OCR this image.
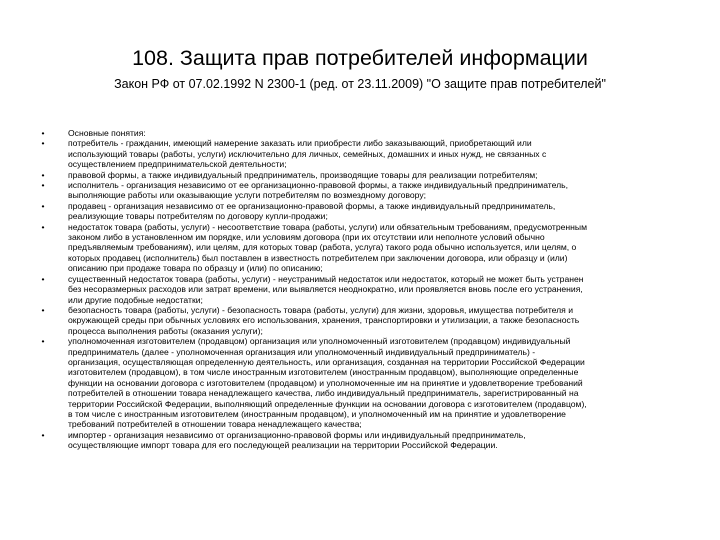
108. Защита прав потребителей информации
Закон РФ от 07.02.1992 N 2300-1 (ред. от 23.11.2009) "О защите прав потребителей"
•	Основные понятия:
•	потребитель - гражданин, имеющий намерение заказать или приобрести либо заказывающий, приобретающий или
использующий товары (работы, услуги) исключительно для личных, семейных, домашних и иных нужд, не связанных с
осуществлением предпринимательской деятельности;
•	правовой формы, а также индивидуальный предприниматель, производящие товары для реализации потребителям;
•	исполнитель - организация независимо от ее организационно-правовой формы, а также индивидуальный предприниматель,
выполняющие работы или оказывающие услуги потребителям по возмездному договору;
•	продавец - организация независимо от ее организационно-правовой формы, а также индивидуальный предприниматель,
реализующие товары потребителям по договору купли-продажи;
•	недостаток товара (работы, услуги) - несоответствие товара (работы, услуги) или обязательным требованиям, предусмотренным
законом либо в установленном им порядке, или условиям договора (при их отсутствии или неполноте условий обычно
предъявляемым требованиям), или целям, для которых товар (работа, услуга) такого рода обычно используется, или целям, о
которых продавец (исполнитель) был поставлен в известность потребителем при заключении договора, или образцу и (или)
описанию при продаже товара по образцу и (или) по описанию;
•	существенный недостаток товара (работы, услуги) - неустранимый недостаток или недостаток, который не может быть устранен
без несоразмерных расходов или затрат времени, или выявляется неоднократно, или проявляется вновь после его устранения,
или другие подобные недостатки;
•	безопасность товара (работы, услуги) - безопасность товара (работы, услуги) для жизни, здоровья, имущества потребителя и
окружающей среды при обычных условиях его использования, хранения, транспортировки и утилизации, а также безопасность
процесса выполнения работы (оказания услуги);
•	уполномоченная изготовителем (продавцом) организация или уполномоченный изготовителем (продавцом) индивидуальный
предприниматель (далее - уполномоченная организация или уполномоченный индивидуальный предприниматель) -
организация, осуществляющая определенную деятельность, или организация, созданная на территории Российской Федерации
изготовителем (продавцом), в том числе иностранным изготовителем (иностранным продавцом), выполняющие определенные
функции на основании договора с изготовителем (продавцом) и уполномоченные им на принятие и удовлетворение требований
потребителей в отношении товара ненадлежащего качества, либо индивидуальный предприниматель, зарегистрированный на
территории Российской Федерации, выполняющий определенные функции на основании договора с изготовителем (продавцом),
в том числе с иностранным изготовителем (иностранным продавцом), и уполномоченный им на принятие и удовлетворение
требований потребителей в отношении товара ненадлежащего качества;
•	импортер - организация независимо от организационно-правовой формы или индивидуальный предприниматель,
осуществляющие импорт товара для его последующей реализации на территории Российской Федерации.
